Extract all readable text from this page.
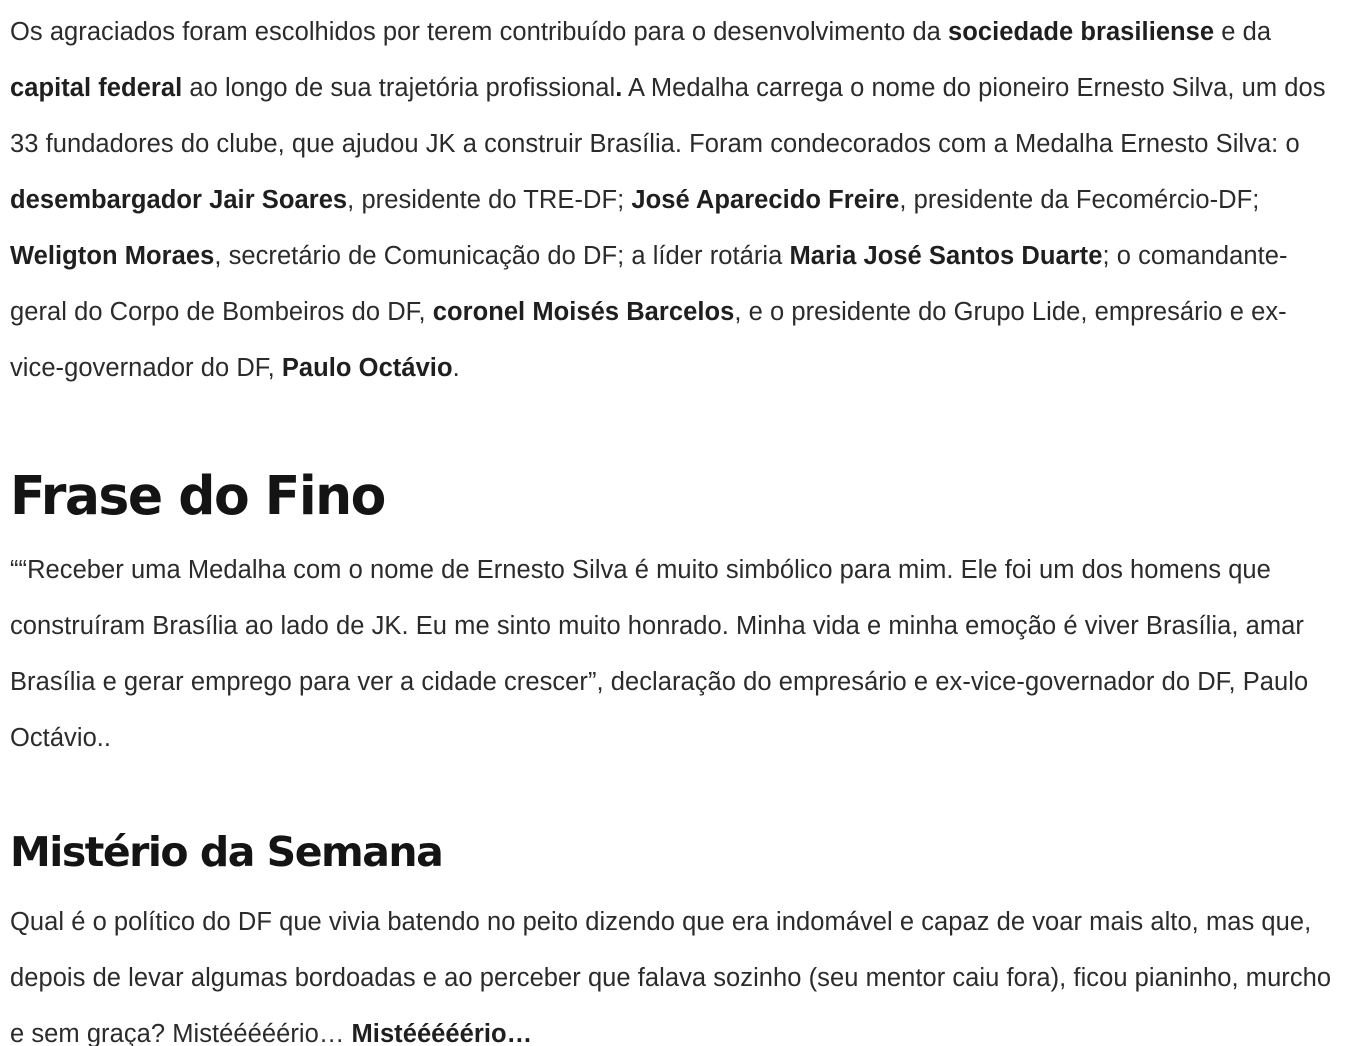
Os agraciados foram escolhidos por terem contribuído para o desenvolvimento da sociedade brasiliense e da capital federal ao longo de sua trajetória profissional. A Medalha carrega o nome do pioneiro Ernesto Silva, um dos 33 fundadores do clube, que ajudou JK a construir Brasília. Foram condecorados com a Medalha Ernesto Silva: o desembargador Jair Soares, presidente do TRE-DF; José Aparecido Freire, presidente da Fecomércio-DF; Weligton Moraes, secretário de Comunicação do DF; a líder rotária Maria José Santos Duarte; o comandante-geral do Corpo de Bombeiros do DF, coronel Moisés Barcelos, e o presidente do Grupo Lide, empresário e ex-vice-governador do DF, Paulo Octávio.

Frase do Fino

““Receber uma Medalha com o nome de Ernesto Silva é muito simbólico para mim. Ele foi um dos homens que construíram Brasília ao lado de JK. Eu me sinto muito honrado. Minha vida e minha emoção é viver Brasília, amar Brasília e gerar emprego para ver a cidade crescer”, declaração do empresário e ex-vice-governador do DF, Paulo Octávio..

Mistério da Semana

Qual é o político do DF que vivia batendo no peito dizendo que era indomável e capaz de voar mais alto, mas que, depois de levar algumas bordoadas e ao perceber que falava sozinho (seu mentor caiu fora), ficou pianinho, murcho e sem graça? Mistééééério… Mistééééério…
